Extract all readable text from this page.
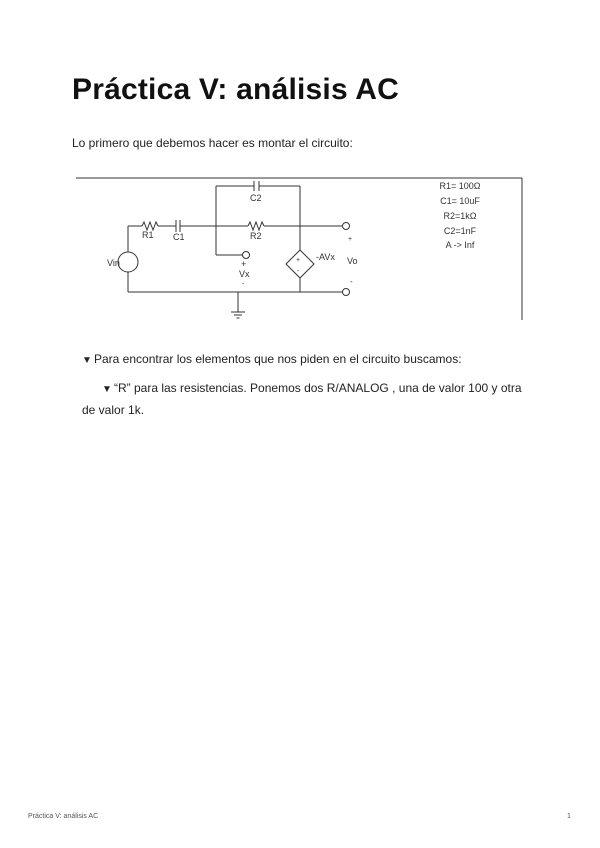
Práctica V: análisis AC
Lo primero que debemos hacer es montar el circuito:
C2
R1 C1	R2
Vin	+
Vx
-
+
-
-AVx
+
Vo
-
R1= 100Ω
C1= 10uF
R2=1kΩ
C2=1nF
A -> Inf
▼ Para encontrar los elementos que nos piden en el circuito buscamos:
▼ “R” para las resistencias. Ponemos dos R/ANALOG , una de valor 100 y otra
de valor 1k.
Práctica V: análisis AC	1
